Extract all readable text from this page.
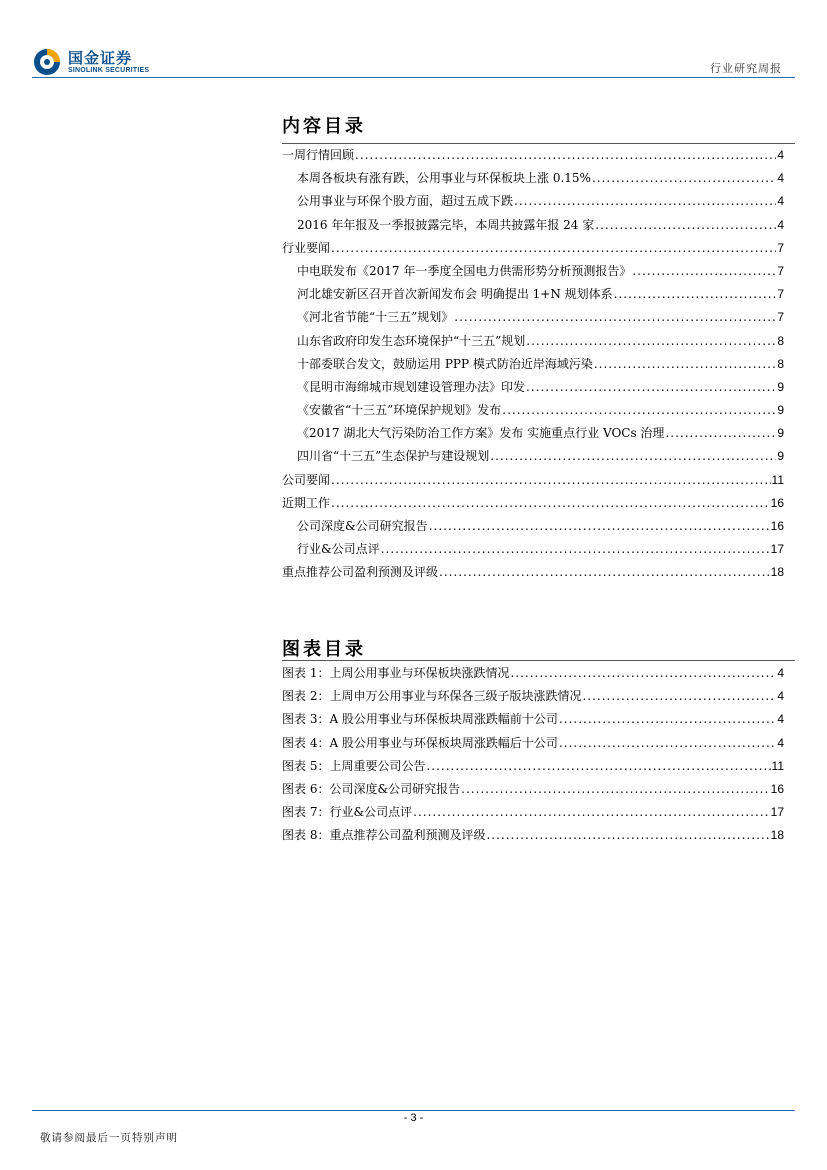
国金证券
SINOLINK SECURITIES	行业研究周报
内容目录
一周行情回顾 .....	4
本周各板块有涨有跌，公用事业与环保板块上涨 0.15% .....	4
公用事业与环保个股方面，超过五成下跌 .....	4
2016 年年报及一季报披露完毕，本周共披露年报 24 家 .....	4
行业要闻 .....	7
中电联发布《2017 年一季度全国电力供需形势分析预测报告》 .....	7
河北雄安新区召开首次新闻发布会 明确提出 1+N 规划体系 .....	7
《河北省节能“十三五”规划》 .....	7
山东省政府印发生态环境保护“十三五”规划 .....	8
十部委联合发文，鼓励运用 PPP 模式防治近岸海域污染 .....	8
《昆明市海绵城市规划建设管理办法》印发 .....	9
《安徽省“十三五”环境保护规划》发布 .....	9
《2017 湖北大气污染防治工作方案》发布 实施重点行业 VOCs 治理 .....	9
四川省“十三五”生态保护与建设规划 .....	9
公司要闻 .....	11
近期工作 .....	16
公司深度&公司研究报告 .....	16
行业&公司点评 .....	17
重点推荐公司盈利预测及评级 .....	18
图表目录
图表 1：上周公用事业与环保板块涨跌情况 .....	4
图表 2：上周申万公用事业与环保各三级子版块涨跌情况 .....	4
图表 3：A 股公用事业与环保板块周涨跌幅前十公司 .....	4
图表 4：A 股公用事业与环保板块周涨跌幅后十公司 .....	4
图表 5：上周重要公司公告 .....	11
图表 6：公司深度&公司研究报告 .....	16
图表 7：行业&公司点评 .....	17
图表 8：重点推荐公司盈利预测及评级 .....	18
- 3 -
敬请参阅最后一页特别声明
